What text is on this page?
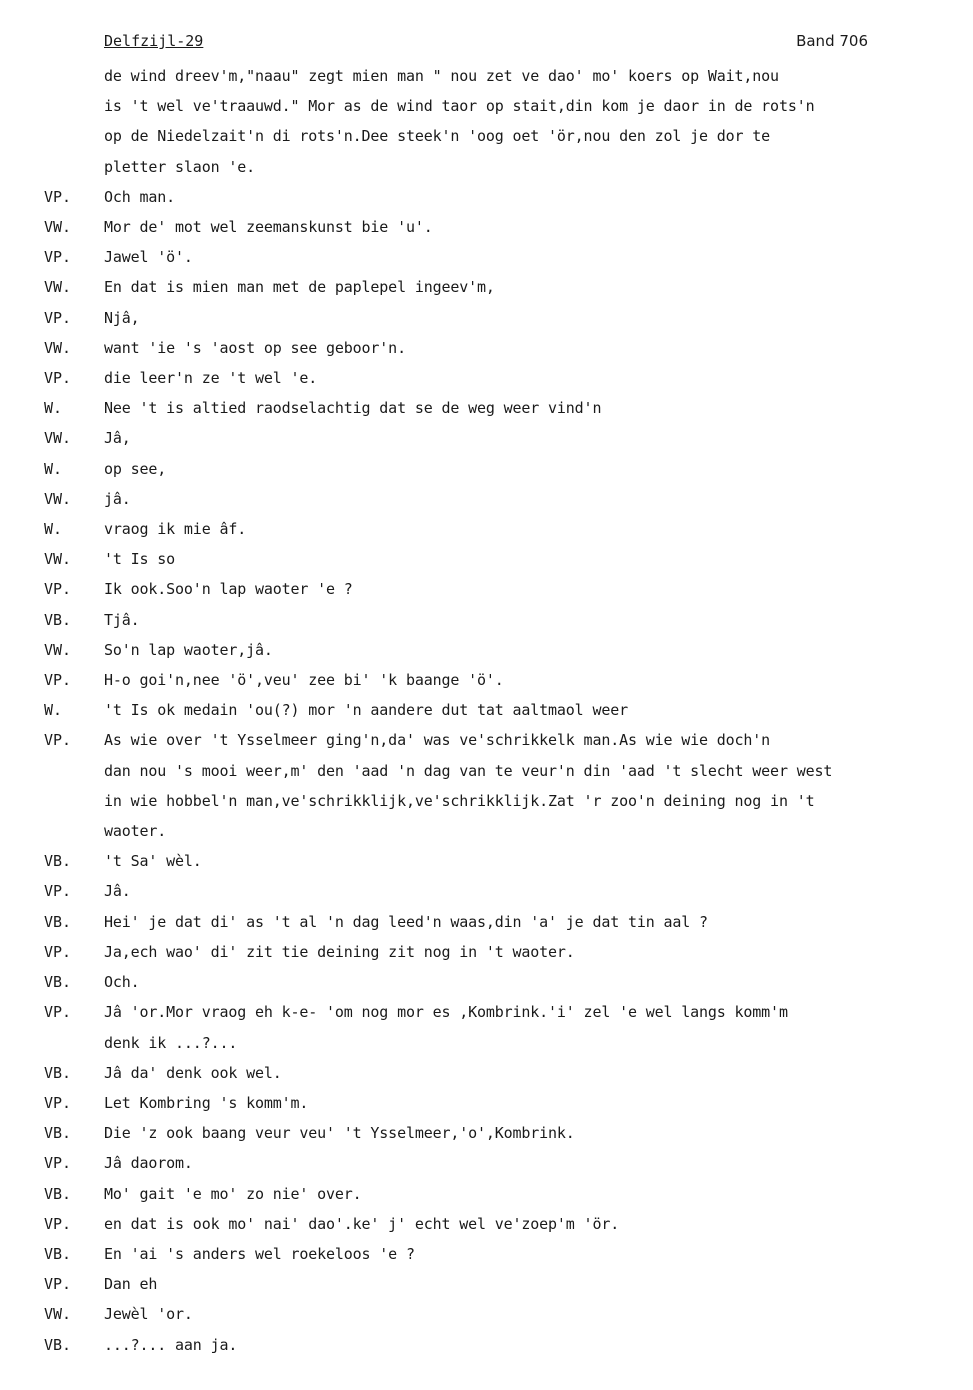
Delfzijl-29	Band 706
de wind dreev'm,"naau" zegt mien man " nou zet ve dao' mo' koers op Wait,nou
is 't wel ve'traauwd." Mor as de wind taor op stait,din kom je daor in de rots'n
op de Niedelzait'n di rots'n.Dee steek'n 'oog oet 'ör,nou den zol je dor te
pletter slaon 'e.
VP.	Och man.
VW.	Mor de' mot wel zeemanskunst bie 'u'.
VP.	Jawel 'ö'.
VW.	En dat is mien man met de paplepel ingeev'm,
VP.	Njâ,
VW.	want 'ie 's 'aost op see geboor'n.
VP.	die leer'n ze 't wel 'e.
W.	Nee 't is altied raodselachtig dat se de weg weer vind'n
VW.	Jâ,
W.	op see,
VW.	jâ.
W.	vraog ik mie âf.
VW.	't Is so
VP.	Ik ook.Soo'n lap waoter 'e ?
VB.	Tjâ.
VW.	So'n lap waoter,jâ.
VP.	H-o goi'n,nee 'ö',veu' zee bi' 'k baange 'ö'.
W.	't Is ok medain 'ou(?) mor 'n aandere dut tat aaltmaol weer
VP.	As wie over 't Ysselmeer ging'n,da' was ve'schrikkelk man.As wie wie doch'n
dan nou 's mooi weer,m' den 'aad 'n dag van te veur'n din 'aad 't slecht weer west
in wie hobbel'n man,ve'schrikklijk,ve'schrikklijk.Zat 'r zoo'n deining nog in 't
waoter.
VB.	't Sa' wèl.
VP.	Jâ.
VB.	Hei' je dat di' as 't al 'n dag leed'n waas,din 'a' je dat tin aal ?
VP.	Ja,ech wao' di' zit tie deining zit nog in 't waoter.
VB.	Och.
VP.	Jâ 'or.Mor vraog eh k-e- 'om nog mor es ,Kombrink.'i' zel 'e wel langs komm'm
denk ik ...?...
VB.	Jâ da' denk ook wel.
VP.	Let Kombring 's komm'm.
VB.	Die 'z ook baang veur veu' 't Ysselmeer,'o',Kombrink.
VP.	Jâ daorom.
VB.	Mo' gait 'e mo' zo nie' over.
VP.	en dat is ook mo' nai' dao'.ke' j' echt wel ve'zoep'm 'ör.
VB.	En 'ai 's anders wel roekeloos 'e ?
VP.	Dan eh
VW.	Jewèl 'or.
VB.	...?... aan ja.
